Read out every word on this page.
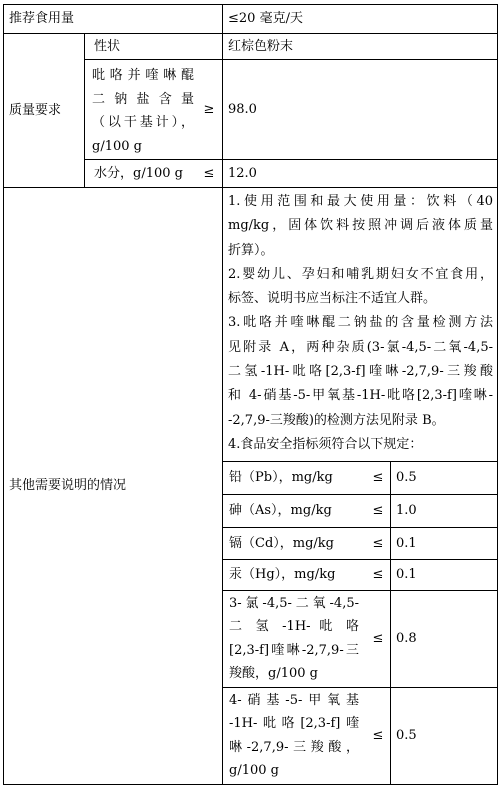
推荐食用量	≤20 毫克/天
质量要求
性状	红棕色粉末
吡咯并喹啉醌
二 钠 盐 含 量
（以干基计），
g/100 g
≥	98.0
水分，g/100 g	≤	12.0
其他需要说明的情况
1.使用范围和最大使用量：饮料（40
mg/kg，固体饮料按照冲调后液体质量
折算）。
2.婴幼儿、孕妇和哺乳期妇女不宜食用，
标签、说明书应当标注不适宜人群。
3.吡咯并喹啉醌二钠盐的含量检测方法
见附录 A，两种杂质(3-氯-4,5-二氧-4,5-
二氢-1H-吡咯[2,3-f]喹啉-2,7,9-三羧酸
和 4-硝基-5-甲氧基-1H-吡咯[2,3-f]喹啉-
-2,7,9-三羧酸)的检测方法见附录 B。
4.食品安全指标须符合以下规定：
铅（Pb），mg/kg	≤ 0.5
砷（As），mg/kg	≤ 1.0
镉（Cd），mg/kg	≤ 0.1
汞（Hg），mg/kg	≤ 0.1
3-氯-4,5-二氧-4,5-
二 氢 -1H- 吡 咯
[2,3-f]喹啉-2,7,9-三
羧酸，g/100 g
≤ 0.8
4-硝基-5-甲氧基
-1H-吡咯[2,3-f]喹
啉-2,7,9-三羧酸，
g/100 g
≤ 0.5
